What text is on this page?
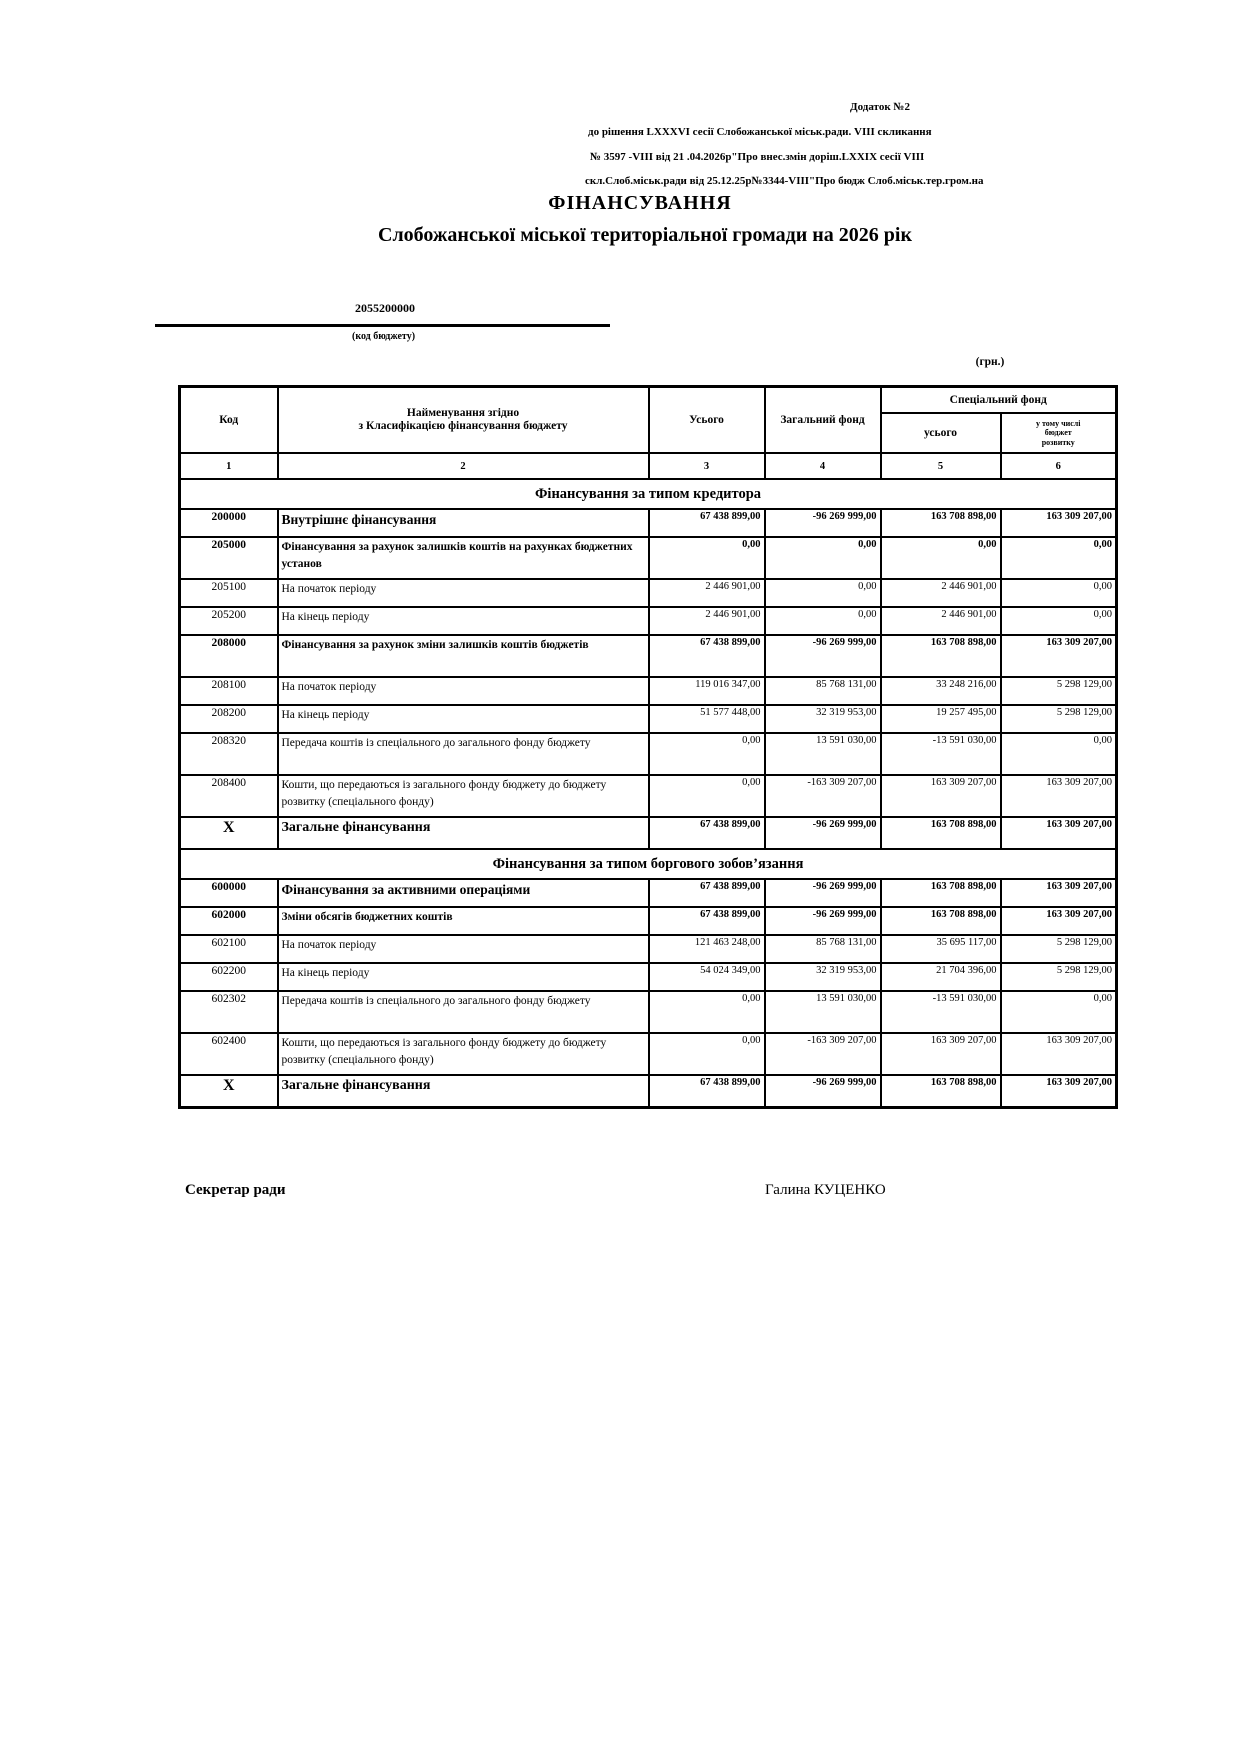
Додаток №2
до рішення LXXXVI сесії Слобожанської міськ.ради. VIII скликання
№ 3597 -VIII від 21 .04.2026р"Про внес.змін доріш.LXXIX сесії VIII
скл.Слоб.міськ.ради від 25.12.25р№3344-VIII"Про бюдж Слоб.міськ.тер.гром.на
ФІНАНСУВАННЯ
Слобожанської міської територіальної громади на 2026 рік
2055200000
(код бюджету)
(грн.)
Код	Найменування згідно
з Класифікацією фінансування бюджету	Усього	Загальний фонд	Спеціальний фонд	
				усього	у тому числі
бюджет
розвитку

1	2	3	4	5	6
Фінансування за типом кредитора					
200000	Внутрішнє фінансування	67 438 899,00	-96 269 999,00	163 708 898,00	163 309 207,00
205000	Фінансування за рахунок залишків коштів на рахунках бюджетних установ	0,00	0,00	0,00	0,00
205100	На початок періоду	2 446 901,00	0,00	2 446 901,00	0,00
205200	На кінець періоду	2 446 901,00	0,00	2 446 901,00	0,00
208000	Фінансування за рахунок зміни залишків коштів бюджетів	67 438 899,00	-96 269 999,00	163 708 898,00	163 309 207,00
208100	На початок періоду	119 016 347,00	85 768 131,00	33 248 216,00	5 298 129,00
208200	На кінець періоду	51 577 448,00	32 319 953,00	19 257 495,00	5 298 129,00
208320	Передача коштів із спеціального до загального фонду бюджету	0,00	13 591 030,00	-13 591 030,00	0,00
208400	Кошти, що передаються із загального фонду бюджету до бюджету розвитку (спеціального фонду)	0,00	-163 309 207,00	163 309 207,00	163 309 207,00
X	Загальне фінансування	67 438 899,00	-96 269 999,00	163 708 898,00	163 309 207,00
Фінансування за типом боргового зобов’язання					
600000	Фінансування за активними операціями	67 438 899,00	-96 269 999,00	163 708 898,00	163 309 207,00
602000	Зміни обсягів бюджетних коштів	67 438 899,00	-96 269 999,00	163 708 898,00	163 309 207,00
602100	На початок періоду	121 463 248,00	85 768 131,00	35 695 117,00	5 298 129,00
602200	На кінець періоду	54 024 349,00	32 319 953,00	21 704 396,00	5 298 129,00
602302	Передача коштів із спеціального до загального фонду бюджету	0,00	13 591 030,00	-13 591 030,00	0,00
602400	Кошти, що передаються із загального фонду бюджету до бюджету розвитку (спеціального фонду)	0,00	-163 309 207,00	163 309 207,00	163 309 207,00
X	Загальне фінансування	67 438 899,00	-96 269 999,00	163 708 898,00	163 309 207,00
Секретар ради	Галина КУЦЕНКО
